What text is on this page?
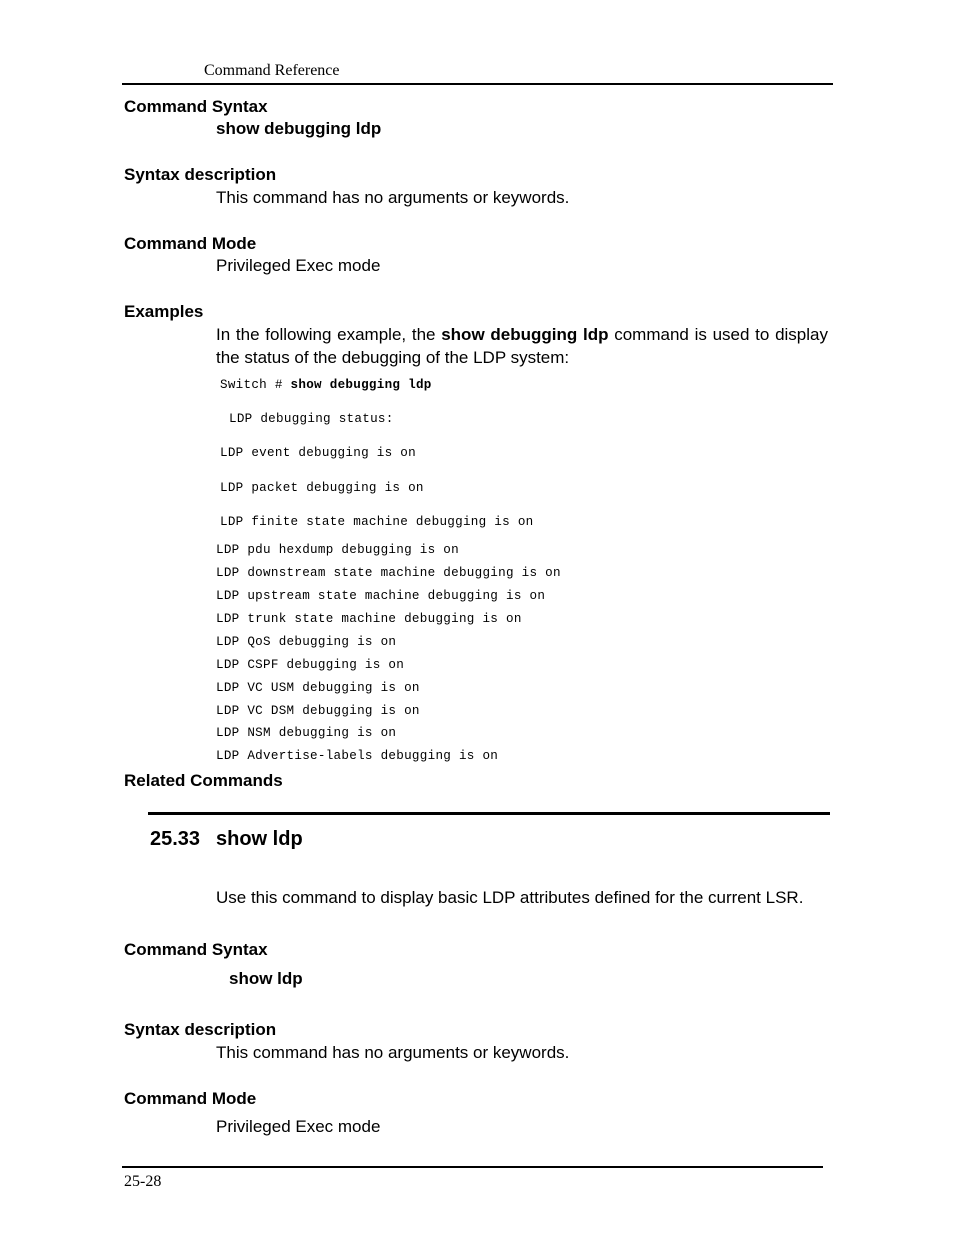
Command Reference
Command Syntax
show debugging ldp
Syntax description
This command has no arguments or keywords.
Command Mode
Privileged Exec mode
Examples
In the following example, the show debugging ldp command is used to display the status of the debugging of the LDP system:
Switch # show debugging ldp
LDP debugging status:
LDP event debugging is on
LDP packet debugging is on
LDP finite state machine debugging is on
LDP pdu hexdump debugging is on
LDP downstream state machine debugging is on
LDP upstream state machine debugging is on
LDP trunk state machine debugging is on
LDP QoS debugging is on
LDP CSPF debugging is on
LDP VC USM debugging is on
LDP VC DSM debugging is on
LDP NSM debugging is on
LDP Advertise-labels debugging is on
Related Commands
25.33 show ldp
Use this command to display basic LDP attributes defined for the current LSR.
Command Syntax
show ldp
Syntax description
This command has no arguments or keywords.
Command Mode
Privileged Exec mode
25-28
